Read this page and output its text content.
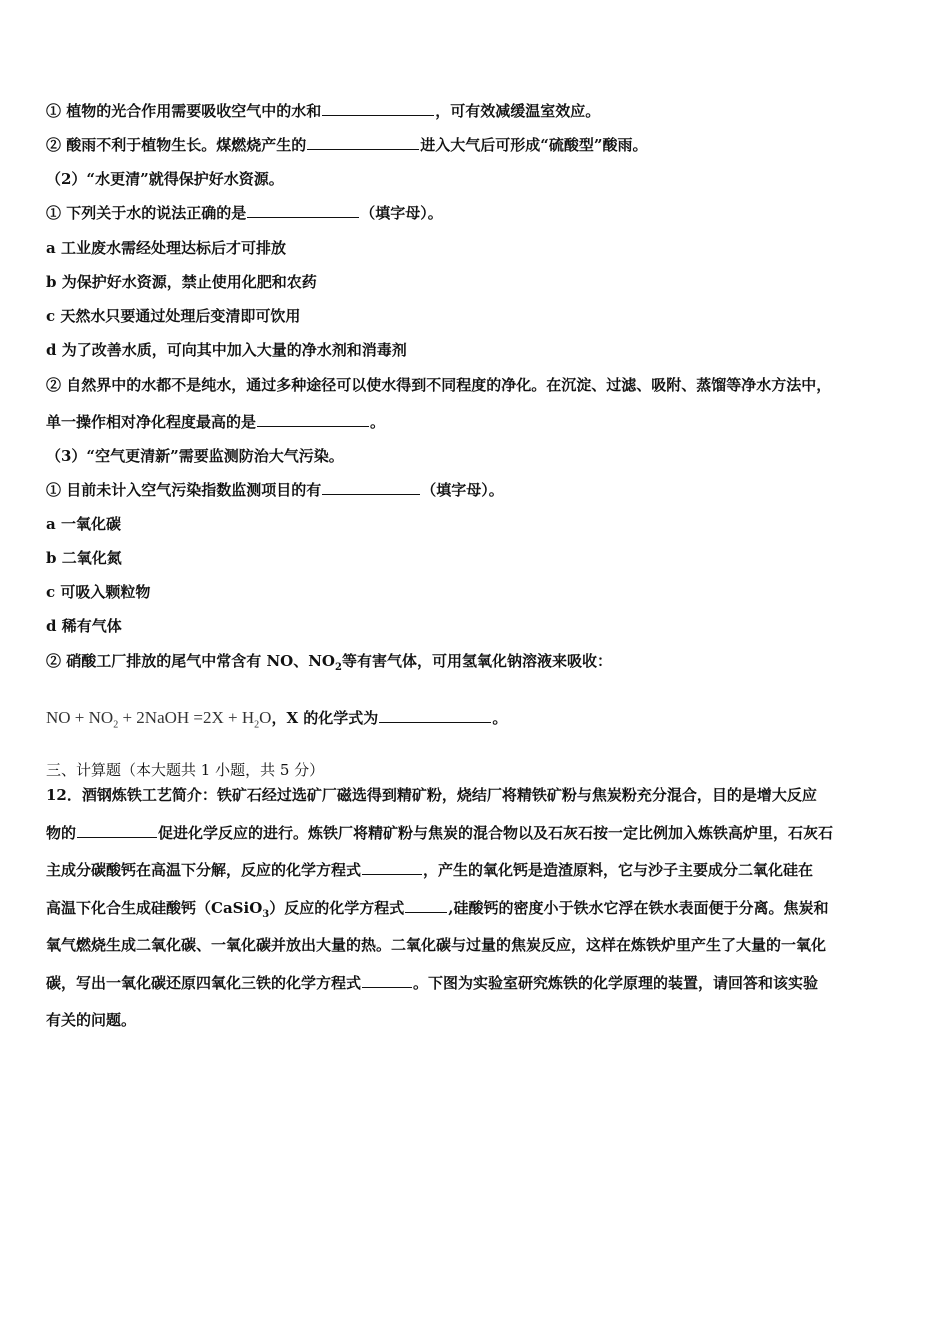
① 植物的光合作用需要吸收空气中的水和	，可有效减缓温室效应。
② 酸雨不利于植物生长。煤燃烧产生的	进入大气后可形成“硫酸型”酸雨。
（2）“水更清”就得保护好水资源。
① 下列关于水的说法正确的是	（填字母）。
a 工业废水需经处理达标后才可排放
b 为保护好水资源，禁止使用化肥和农药
c 天然水只要通过处理后变清即可饮用
d 为了改善水质，可向其中加入大量的净水剂和消毒剂
② 自然界中的水都不是纯水，通过多种途径可以使水得到不同程度的净化。在沉淀、过滤、吸附、蒸馏等净水方法中，
单一操作相对净化程度最高的是	。
（3）“空气更清新”需要监测防治大气污染。
① 目前未计入空气污染指数监测项目的有	（填字母）。
a 一氧化碳
b 二氧化氮
c 可吸入颗粒物
d 稀有气体
② 硝酸工厂排放的尾气中常含有 NO、$NO_2$等有害气体，可用氢氧化钠溶液来吸收：
NO + $NO_2$ + 2NaOH $=2X + H_2O$，X 的化学式为	。
三、计算题（本大题共 1 小题，共 5 分）
12．酒钢炼铁工艺简介：铁矿石经过选矿厂磁选得到精矿粉，烧结厂将精铁矿粉与焦炭粉充分混合，目的是增大反应
物的	促进化学反应的进行。炼铁厂将精矿粉与焦炭的混合物以及石灰石按一定比例加入炼铁高炉里，石灰石
主成分碳酸钙在高温下分解，反应的化学方程式	，产生的氧化钙是造渣原料，它与沙子主要成分二氧化硅在
高温下化合生成硅酸钙（CaSiO$_3$）反应的化学方程式	,硅酸钙的密度小于铁水它浮在铁水表面便于分离。焦炭和
氧气燃烧生成二氧化碳、一氧化碳并放出大量的热。二氧化碳与过量的焦炭反应，这样在炼铁炉里产生了大量的一氧化
碳，写出一氧化碳还原四氧化三铁的化学方程式	。下图为实验室研究炼铁的化学原理的装置，请回答和该实验
有关的问题。
